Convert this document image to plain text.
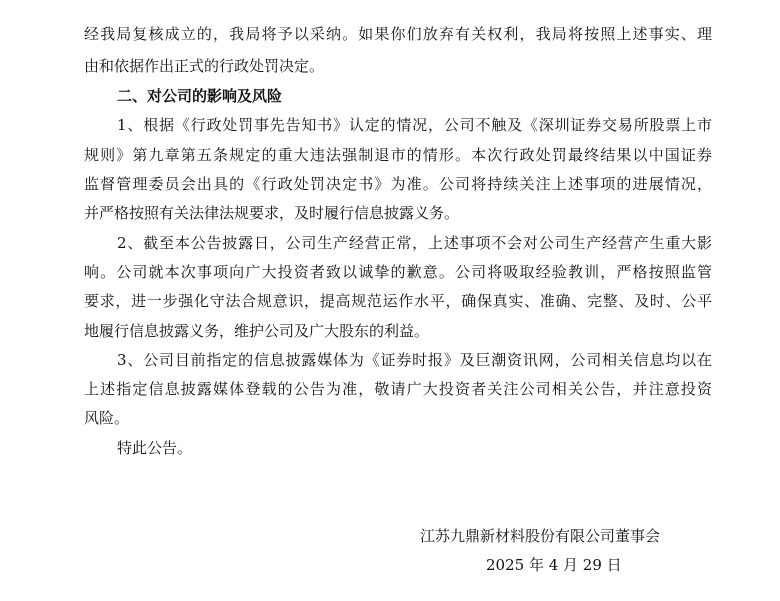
经我局复核成立的，我局将予以采纳。如果你们放弃有关权利，我局将按照上述事实、理
由和依据作出正式的行政处罚决定。
二、对公司的影响及风险
1、根据《行政处罚事先告知书》认定的情况，公司不触及《深圳证券交易所股票上市
规则》第九章第五条规定的重大违法强制退市的情形。本次行政处罚最终结果以中国证券
监督管理委员会出具的《行政处罚决定书》为准。公司将持续关注上述事项的进展情况，
并严格按照有关法律法规要求，及时履行信息披露义务。
2、截至本公告披露日，公司生产经营正常，上述事项不会对公司生产经营产生重大影
响。公司就本次事项向广大投资者致以诚挚的歉意。公司将吸取经验教训，严格按照监管
要求，进一步强化守法合规意识，提高规范运作水平，确保真实、准确、完整、及时、公平
地履行信息披露义务，维护公司及广大股东的利益。
3、公司目前指定的信息披露媒体为《证券时报》及巨潮资讯网，公司相关信息均以在
上述指定信息披露媒体登载的公告为准，敬请广大投资者关注公司相关公告，并注意投资
风险。
特此公告。
江苏九鼎新材料股份有限公司董事会
2025 年 4 月 29 日
